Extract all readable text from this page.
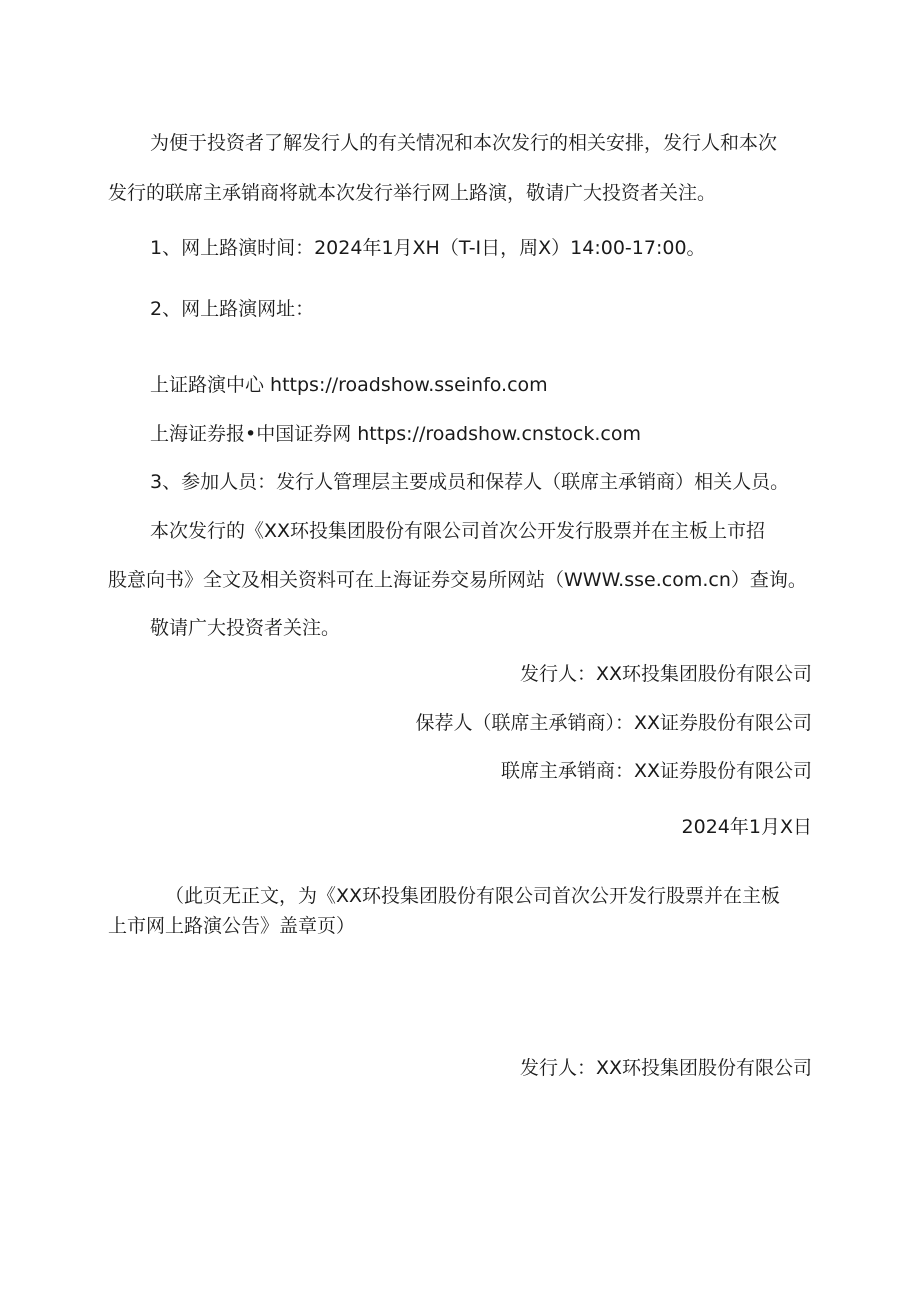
为便于投资者了解发行人的有关情况和本次发行的相关安排，发行人和本次
发行的联席主承销商将就本次发行举行网上路演，敬请广大投资者关注。
1、网上路演时间：2024年1月XH（T-I日，周X）14:00-17:00。
2、网上路演网址：
上证路演中心 https://roadshow.sseinfo.com
上海证券报•中国证券网 https://roadshow.cnstock.com
3、参加人员：发行人管理层主要成员和保荐人（联席主承销商）相关人员。
本次发行的《XX环投集团股份有限公司首次公开发行股票并在主板上市招
股意向书》全文及相关资料可在上海证券交易所网站（WWW.sse.com.cn）查询。
敬请广大投资者关注。
发行人：XX环投集团股份有限公司
保荐人（联席主承销商）：XX证券股份有限公司
联席主承销商：XX证券股份有限公司
2024年1月X日
（此页无正文，为《XX环投集团股份有限公司首次公开发行股票并在主板
上市网上路演公告》盖章页）
发行人：XX环投集团股份有限公司
